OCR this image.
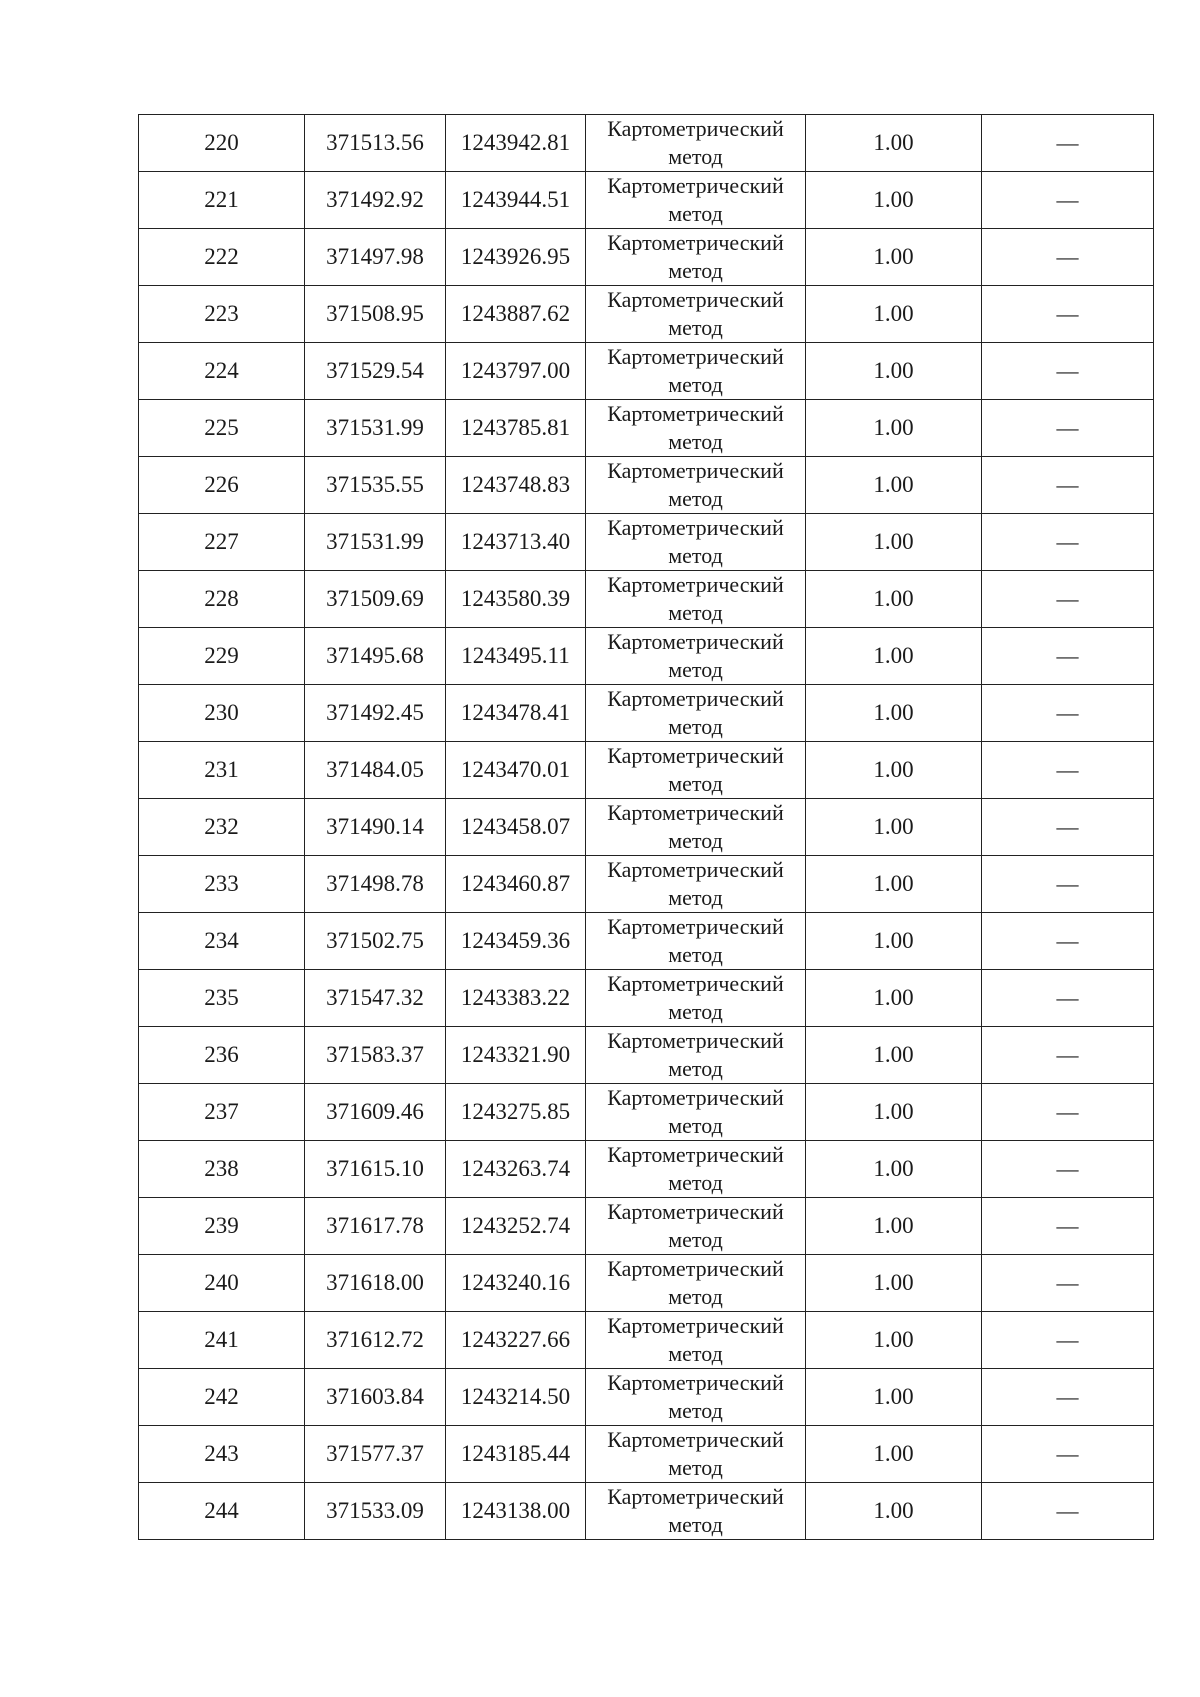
220	371513.56	1243942.81	Картометрический метод	1.00	—
221	371492.92	1243944.51	Картометрический метод	1.00	—
222	371497.98	1243926.95	Картометрический метод	1.00	—
223	371508.95	1243887.62	Картометрический метод	1.00	—
224	371529.54	1243797.00	Картометрический метод	1.00	—
225	371531.99	1243785.81	Картометрический метод	1.00	—
226	371535.55	1243748.83	Картометрический метод	1.00	—
227	371531.99	1243713.40	Картометрический метод	1.00	—
228	371509.69	1243580.39	Картометрический метод	1.00	—
229	371495.68	1243495.11	Картометрический метод	1.00	—
230	371492.45	1243478.41	Картометрический метод	1.00	—
231	371484.05	1243470.01	Картометрический метод	1.00	—
232	371490.14	1243458.07	Картометрический метод	1.00	—
233	371498.78	1243460.87	Картометрический метод	1.00	—
234	371502.75	1243459.36	Картометрический метод	1.00	—
235	371547.32	1243383.22	Картометрический метод	1.00	—
236	371583.37	1243321.90	Картометрический метод	1.00	—
237	371609.46	1243275.85	Картометрический метод	1.00	—
238	371615.10	1243263.74	Картометрический метод	1.00	—
239	371617.78	1243252.74	Картометрический метод	1.00	—
240	371618.00	1243240.16	Картометрический метод	1.00	—
241	371612.72	1243227.66	Картометрический метод	1.00	—
242	371603.84	1243214.50	Картометрический метод	1.00	—
243	371577.37	1243185.44	Картометрический метод	1.00	—
244	371533.09	1243138.00	Картометрический метод	1.00	—
